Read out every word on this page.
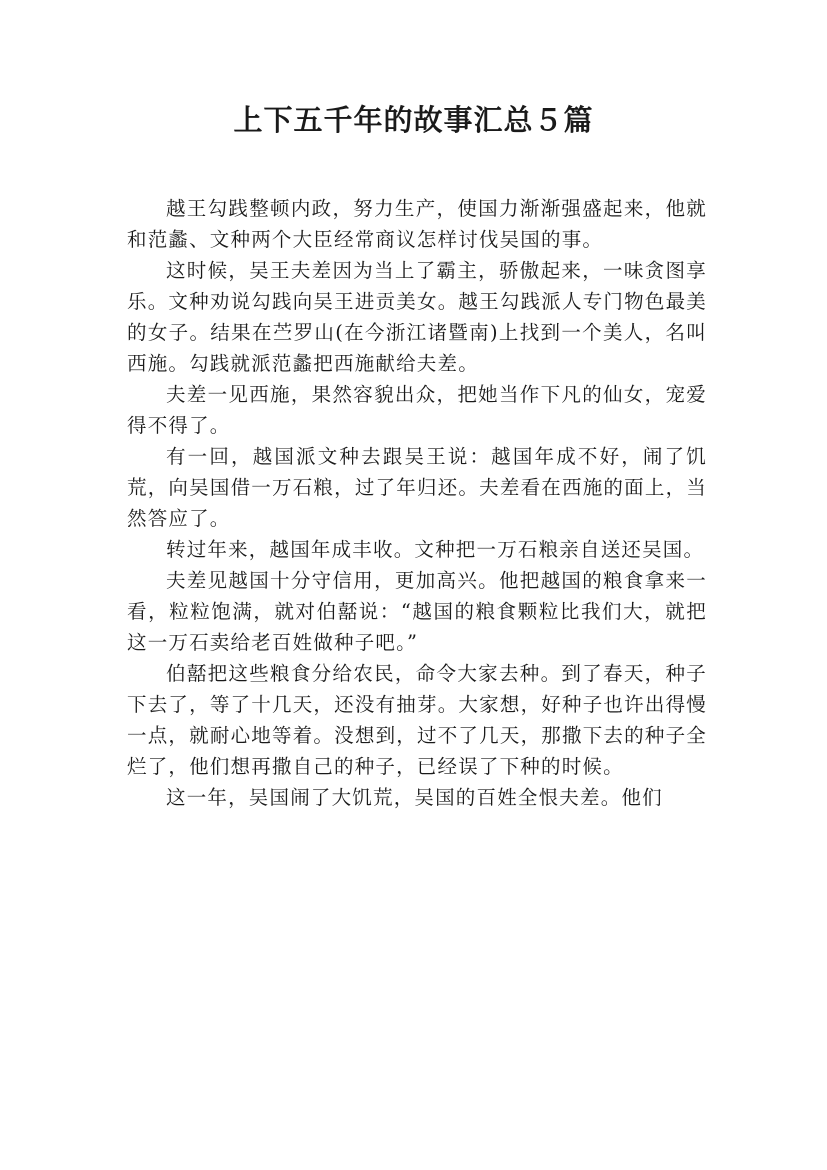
上下五千年的故事汇总５篇

越王勾践整顿内政，努力生产，使国力渐渐强盛起来，他就和范蠡、文种两个大臣经常商议怎样讨伐吴国的事。

这时候，吴王夫差因为当上了霸主，骄傲起来，一味贪图享乐。文种劝说勾践向吴王进贡美女。越王勾践派人专门物色最美的女子。结果在苎罗山(在今浙江诸暨南)上找到一个美人，名叫西施。勾践就派范蠡把西施献给夫差。

夫差一见西施，果然容貌出众，把她当作下凡的仙女，宠爱得不得了。

有一回，越国派文种去跟吴王说：越国年成不好，闹了饥荒，向吴国借一万石粮，过了年归还。夫差看在西施的面上，当然答应了。

转过年来，越国年成丰收。文种把一万石粮亲自送还吴国。

夫差见越国十分守信用，更加高兴。他把越国的粮食拿来一看，粒粒饱满，就对伯嚭说：“越国的粮食颗粒比我们大，就把这一万石卖给老百姓做种子吧。”

伯嚭把这些粮食分给农民，命令大家去种。到了春天，种子下去了，等了十几天，还没有抽芽。大家想，好种子也许出得慢一点，就耐心地等着。没想到，过不了几天，那撒下去的种子全烂了，他们想再撒自己的种子，已经误了下种的时候。

这一年，吴国闹了大饥荒，吴国的百姓全恨夫差。他们
